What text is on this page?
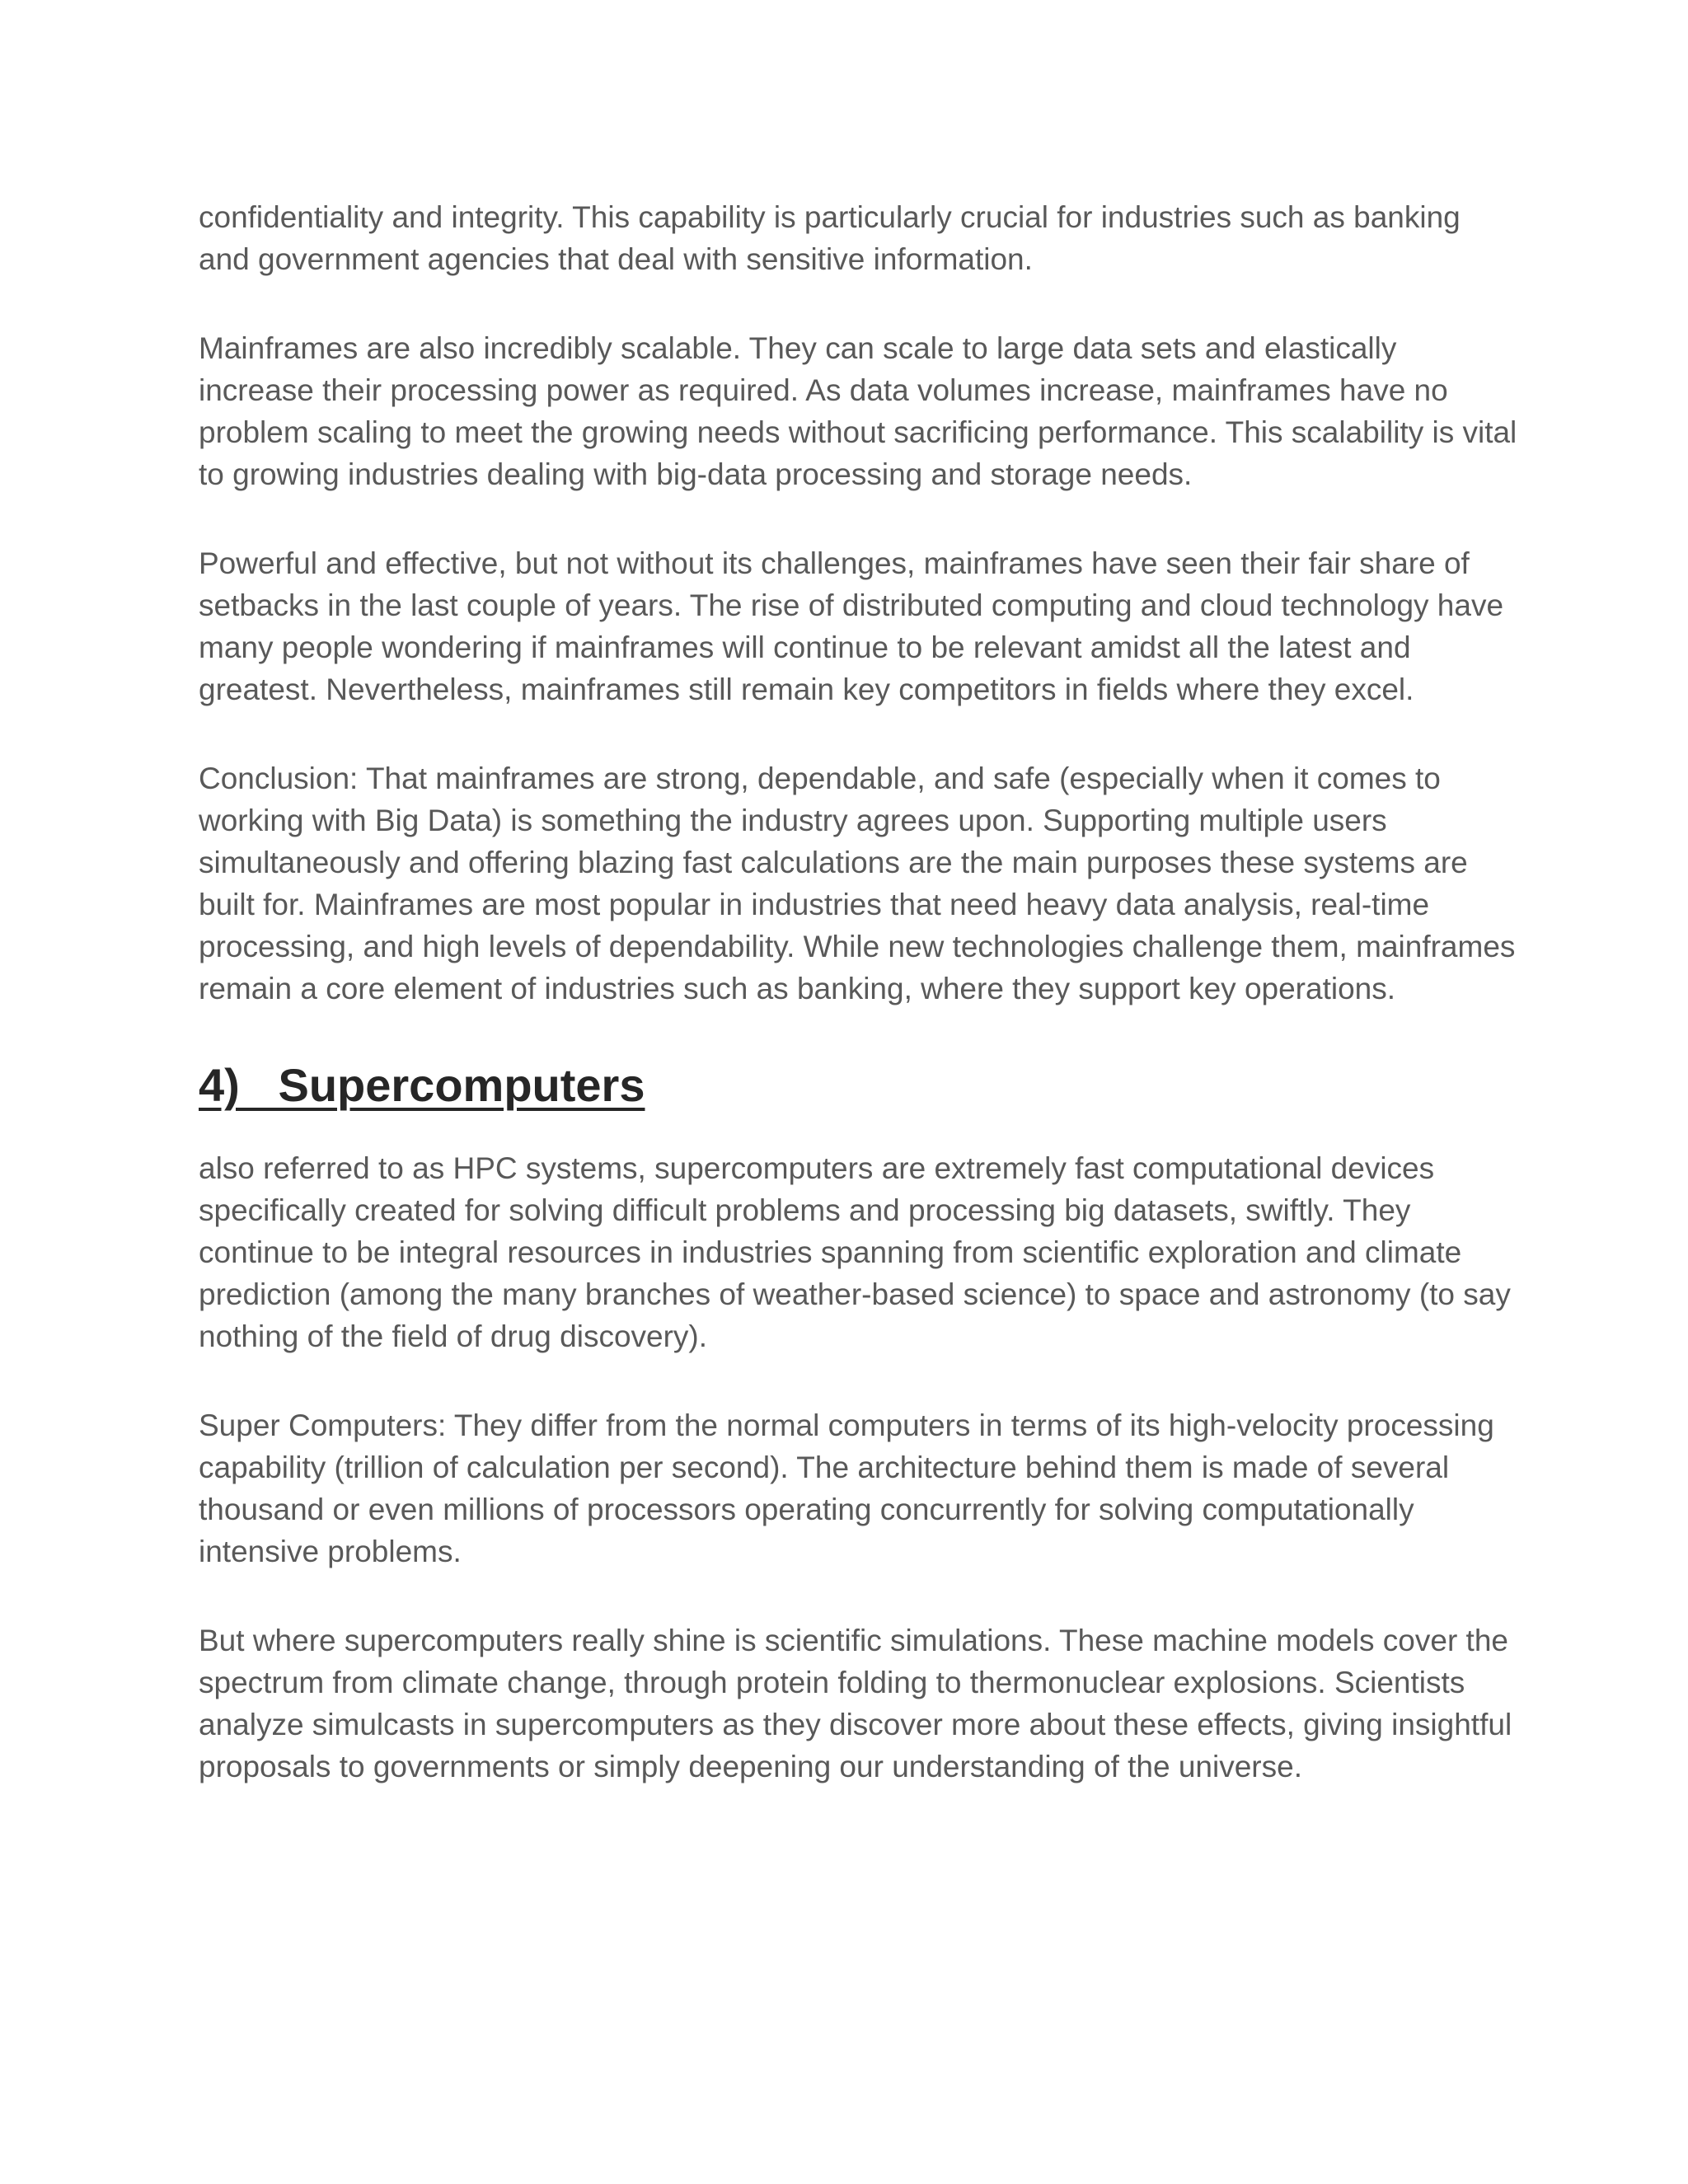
confidentiality and integrity. This capability is particularly crucial for industries such as banking and government agencies that deal with sensitive information.

Mainframes are also incredibly scalable. They can scale to large data sets and elastically increase their processing power as required. As data volumes increase, mainframes have no problem scaling to meet the growing needs without sacrificing performance. This scalability is vital to growing industries dealing with big-data processing and storage needs.

Powerful and effective, but not without its challenges, mainframes have seen their fair share of setbacks in the last couple of years. The rise of distributed computing and cloud technology have many people wondering if mainframes will continue to be relevant amidst all the latest and greatest. Nevertheless, mainframes still remain key competitors in fields where they excel.

Conclusion: That mainframes are strong, dependable, and safe (especially when it comes to working with Big Data) is something the industry agrees upon. Supporting multiple users simultaneously and offering blazing fast calculations are the main purposes these systems are built for. Mainframes are most popular in industries that need heavy data analysis, real-time processing, and high levels of dependability. While new technologies challenge them, mainframes remain a core element of industries such as banking, where they support key operations.

4)   Supercomputers

also referred to as HPC systems, supercomputers are extremely fast computational devices specifically created for solving difficult problems and processing big datasets, swiftly. They continue to be integral resources in industries spanning from scientific exploration and climate prediction (among the many branches of weather-based science) to space and astronomy (to say nothing of the field of drug discovery).

Super Computers: They differ from the normal computers in terms of its high-velocity processing capability (trillion of calculation per second). The architecture behind them is made of several thousand or even millions of processors operating concurrently for solving computationally intensive problems.

But where supercomputers really shine is scientific simulations. These machine models cover the spectrum from climate change, through protein folding to thermonuclear explosions. Scientists analyze simulcasts in supercomputers as they discover more about these effects, giving insightful proposals to governments or simply deepening our understanding of the universe.
